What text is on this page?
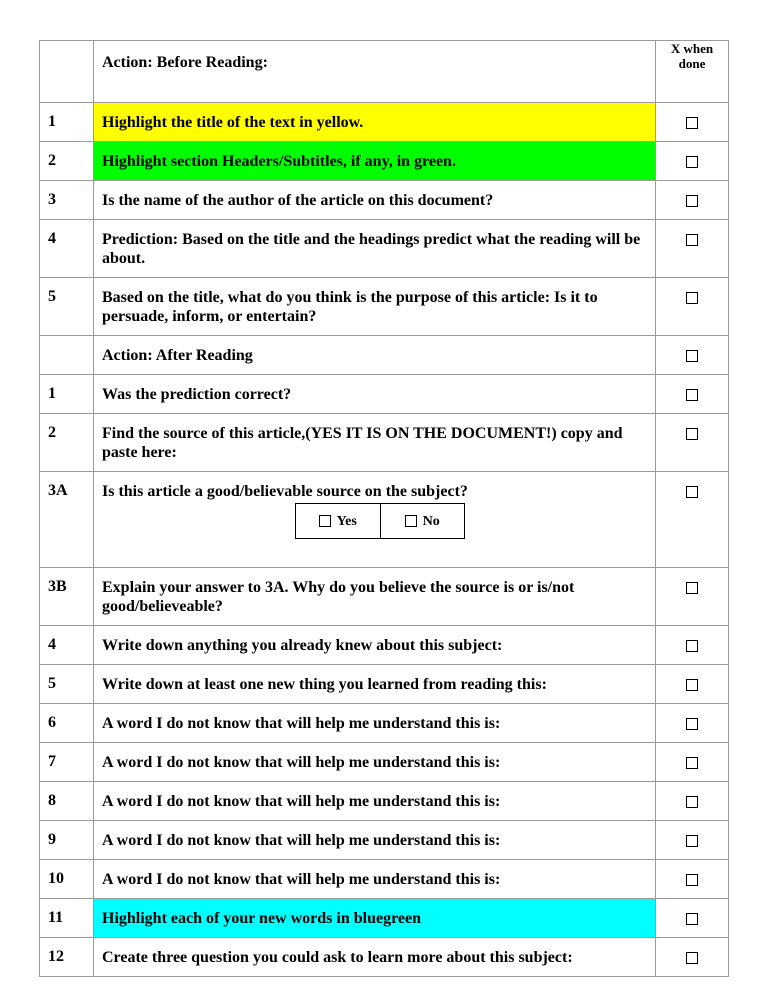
	Action: Before Reading:	X when done
1	Highlight the title of the text in yellow.	
2	Highlight section Headers/Subtitles, if any, in green.	
3	Is the name of the author of the article on this document?	
4	Prediction: Based on the title and the headings predict what the reading will be about.	
5	Based on the title, what do you think is the purpose of this article: Is it to persuade, inform, or entertain?	
	Action: After Reading	
1	Was the prediction correct?	
2	Find the source of this article,(YES IT IS ON THE DOCUMENT!) copy and paste here:	
3A	Is this article a good/believable source on the subject?
Yes No	

3B	Explain your answer to 3A. Why do you believe the source is or is/not good/believeable?	
4	Write down anything you already knew about this subject:	
5	Write down at least one new thing you learned from reading this:	
6	A word I do not know that will help me understand this is:	
7	A word I do not know that will help me understand this is:	
8	A word I do not know that will help me understand this is:	
9	A word I do not know that will help me understand this is:	
10	A word I do not know that will help me understand this is:	
11	Highlight each of your new words in bluegreen	
12	Create three question you could ask to learn more about this subject:	
